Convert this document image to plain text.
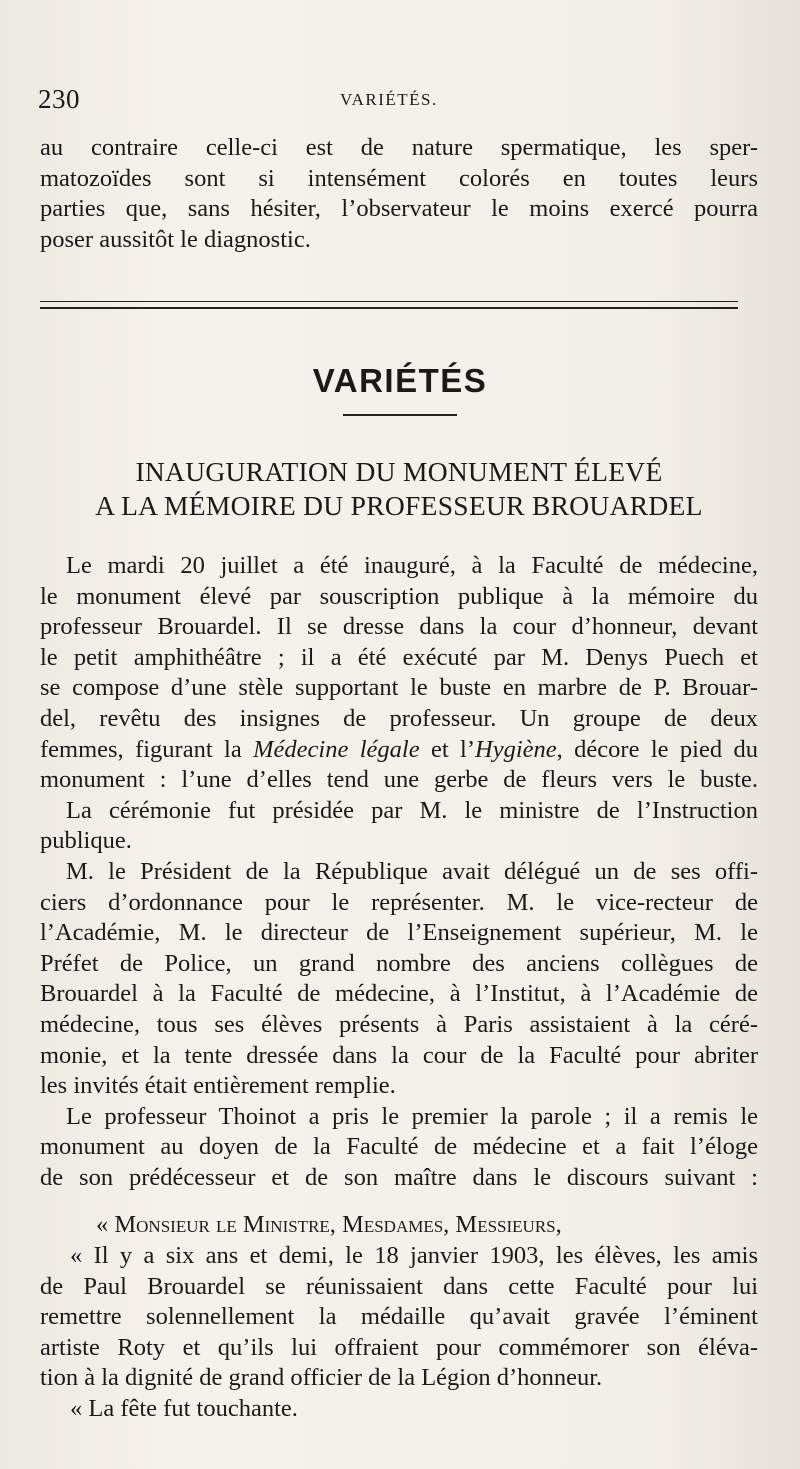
230	VARIÉTÉS.
au contraire celle-ci est de nature spermatique, les sper-
matozoïdes sont si intensément colorés en toutes leurs
parties que, sans hésiter, l’observateur le moins exercé pourra
poser aussitôt le diagnostic.
VARIÉTÉS
INAUGURATION DU MONUMENT ÉLEVÉ
A LA MÉMOIRE DU PROFESSEUR BROUARDEL
Le mardi 20 juillet a été inauguré, à la Faculté de médecine,
le monument élevé par souscription publique à la mémoire du
professeur Brouardel. Il se dresse dans la cour d’honneur, devant
le petit amphithéâtre ; il a été exécuté par M. Denys Puech et
se compose d’une stèle supportant le buste en marbre de P. Brouar-
del, revêtu des insignes de professeur. Un groupe de deux
femmes, figurant la Médecine légale et l’Hygiène, décore le pied du
monument : l’une d’elles tend une gerbe de fleurs vers le buste.
La cérémonie fut présidée par M. le ministre de l’Instruction
publique.
M. le Président de la République avait délégué un de ses offi-
ciers d’ordonnance pour le représenter. M. le vice-recteur de
l’Académie, M. le directeur de l’Enseignement supérieur, M. le
Préfet de Police, un grand nombre des anciens collègues de
Brouardel à la Faculté de médecine, à l’Institut, à l’Académie de
médecine, tous ses élèves présents à Paris assistaient à la céré-
monie, et la tente dressée dans la cour de la Faculté pour abriter
les invités était entièrement remplie.
Le professeur Thoinot a pris le premier la parole ; il a remis le
monument au doyen de la Faculté de médecine et a fait l’éloge
de son prédécesseur et de son maître dans le discours suivant :
« Monsieur le Ministre, Mesdames, Messieurs,
« Il y a six ans et demi, le 18 janvier 1903, les élèves, les amis
de Paul Brouardel se réunissaient dans cette Faculté pour lui
remettre solennellement la médaille qu’avait gravée l’éminent
artiste Roty et qu’ils lui offraient pour commémorer son éléva-
tion à la dignité de grand officier de la Légion d’honneur.
« La fête fut touchante.
